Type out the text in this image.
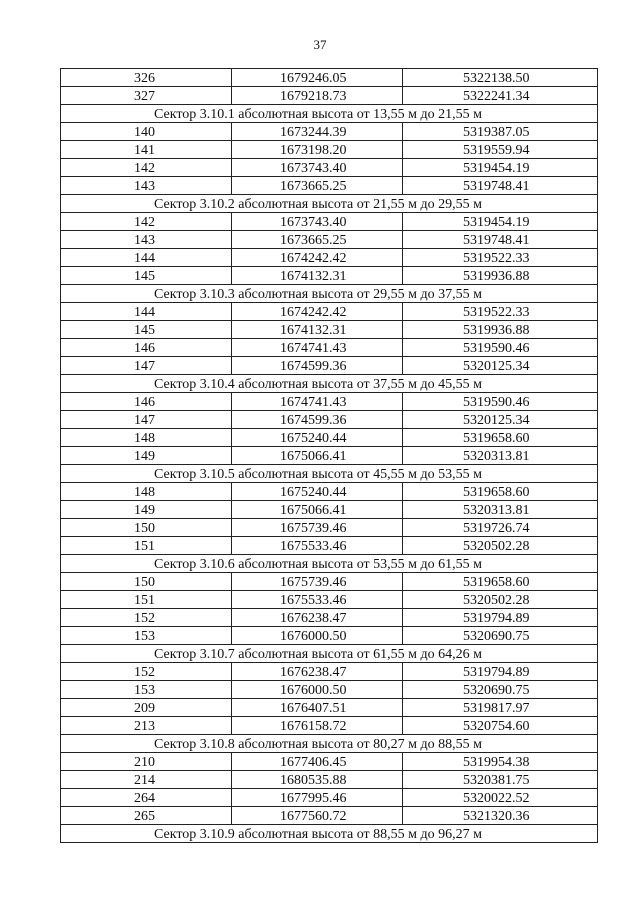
37
326	1679246.05	5322138.50
327	1679218.73	5322241.34
Сектор 3.10.1 абсолютная высота от 13,55 м до 21,55 м		
140	1673244.39	5319387.05
141	1673198.20	5319559.94
142	1673743.40	5319454.19
143	1673665.25	5319748.41
Сектор 3.10.2 абсолютная высота от 21,55 м до 29,55 м		
142	1673743.40	5319454.19
143	1673665.25	5319748.41
144	1674242.42	5319522.33
145	1674132.31	5319936.88
Сектор 3.10.3 абсолютная высота от 29,55 м до 37,55 м		
144	1674242.42	5319522.33
145	1674132.31	5319936.88
146	1674741.43	5319590.46
147	1674599.36	5320125.34
Сектор 3.10.4 абсолютная высота от 37,55 м до 45,55 м		
146	1674741.43	5319590.46
147	1674599.36	5320125.34
148	1675240.44	5319658.60
149	1675066.41	5320313.81
Сектор 3.10.5 абсолютная высота от 45,55 м до 53,55 м		
148	1675240.44	5319658.60
149	1675066.41	5320313.81
150	1675739.46	5319726.74
151	1675533.46	5320502.28
Сектор 3.10.6 абсолютная высота от 53,55 м до 61,55 м		
150	1675739.46	5319658.60
151	1675533.46	5320502.28
152	1676238.47	5319794.89
153	1676000.50	5320690.75
Сектор 3.10.7 абсолютная высота от 61,55 м до 64,26 м		
152	1676238.47	5319794.89
153	1676000.50	5320690.75
209	1676407.51	5319817.97
213	1676158.72	5320754.60
Сектор 3.10.8 абсолютная высота от 80,27 м до 88,55 м		
210	1677406.45	5319954.38
214	1680535.88	5320381.75
264	1677995.46	5320022.52
265	1677560.72	5321320.36
Сектор 3.10.9 абсолютная высота от 88,55 м до 96,27 м		
